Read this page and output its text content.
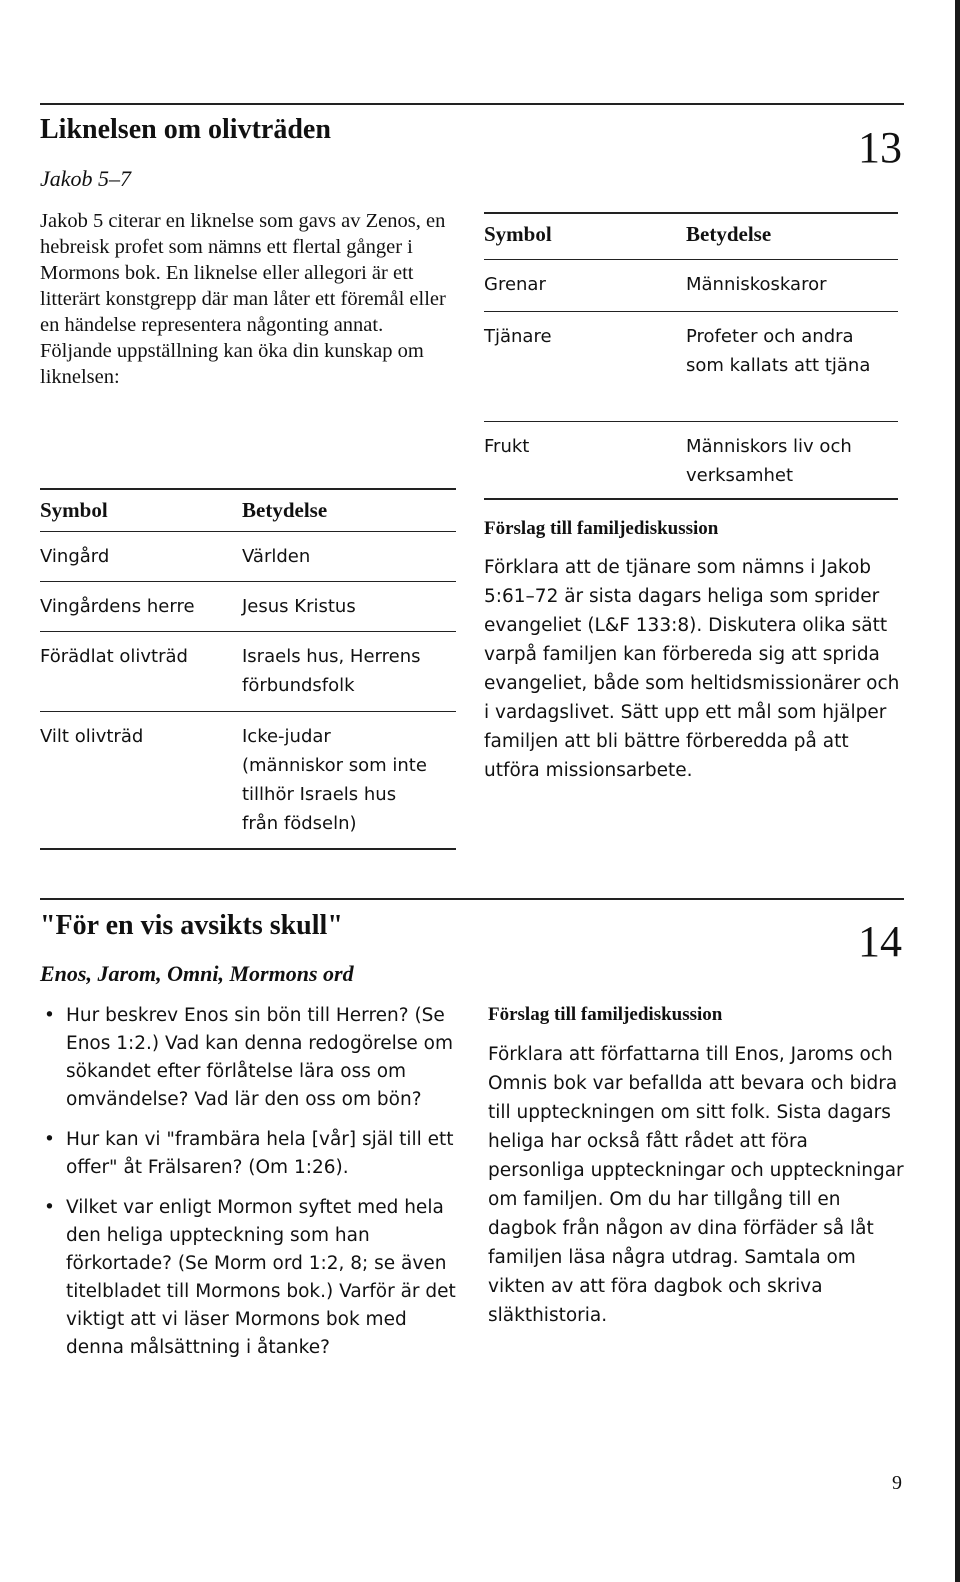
Liknelsen om olivträden	13
Jakob 5–7

Jakob 5 citerar en liknelse som gavs av Zenos, en hebreisk profet som nämns ett flertal gånger i Mormons bok. En liknelse eller allegori är ett litterärt konstgrepp där man låter ett föremål eller en händelse representera någonting annat. Följande uppställning kan öka din kunskap om liknelsen:

Symbol	Betydelse
Vingård	Världen
Vingårdens herre	Jesus Kristus
Förädlat olivträd	Israels hus, Herrens förbundsfolk
Vilt olivträd	Icke-judar (människor som inte tillhör Israels hus från födseln)
Symbol	Betydelse
Grenar	Människoskaror
Tjänare	Profeter och andra som kallats att tjäna
Frukt	Människors liv och verksamhet
Förslag till familjediskussion

Förklara att de tjänare som nämns i Jakob 5:61–72 är sista dagars heliga som sprider evangeliet (L&F 133:8). Diskutera olika sätt varpå familjen kan förbereda sig att sprida evangeliet, både som heltidsmissionärer och i vardagslivet. Sätt upp ett mål som hjälper familjen att bli bättre förberedda på att utföra missionsarbete.

"För en vis avsikts skull"	14
Enos, Jarom, Omni, Mormons ord
• Hur beskrev Enos sin bön till Herren? (Se Enos 1:2.) Vad kan denna redogörelse om sökandet efter förlåtelse lära oss om omvändelse? Vad lär den oss om bön?
• Hur kan vi "frambära hela [vår] själ till ett offer" åt Frälsaren? (Om 1:26).
• Vilket var enligt Mormon syftet med hela den heliga uppteckning som han förkortade? (Se Morm ord 1:2, 8; se även titelbladet till Mormons bok.) Varför är det viktigt att vi läser Mormons bok med denna målsättning i åtanke?
Förslag till familjediskussion

Förklara att författarna till Enos, Jaroms och Omnis bok var befallda att bevara och bidra till uppteckningen om sitt folk. Sista dagars heliga har också fått rådet att föra personliga uppteckningar och uppteckningar om familjen. Om du har tillgång till en dagbok från någon av dina förfäder så låt familjen läsa några utdrag. Samtala om vikten av att föra dagbok och skriva släkthistoria.

9
